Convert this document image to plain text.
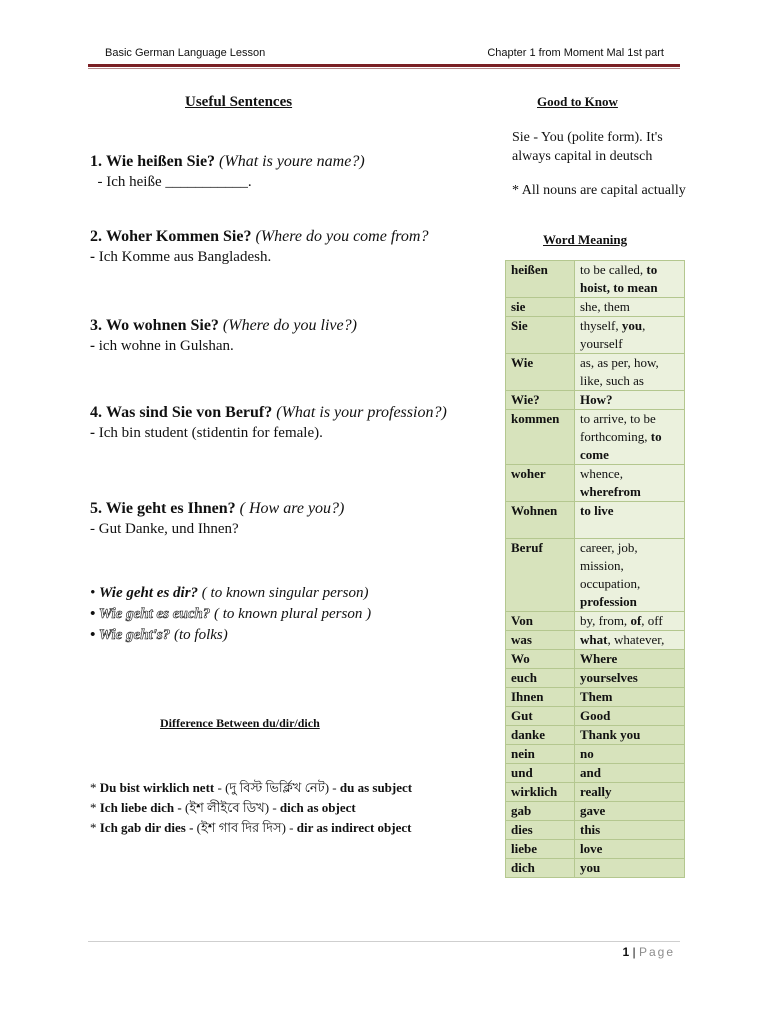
Basic German Language Lesson	Chapter 1 from Moment Mal 1st part
Useful Sentences	Good to Know
1. Wie heißen Sie? (What is youre name?)
- Ich heiße ___________.
2. Woher Kommen Sie? (Where do you come from?
- Ich Komme aus Bangladesh.
3. Wo wohnen Sie? (Where do you live?)
- ich wohne in Gulshan.
4. Was sind Sie von Beruf? (What is your profession?)
- Ich bin student (stidentin for female).
5. Wie geht es Ihnen? ( How are you?)
- Gut Danke, und Ihnen?
• Wie geht es dir? ( to known singular person)
• Wie geht es euch? ( to known plural person )
• Wie geht's? (to folks)
Difference Between du/dir/dich
* Du bist wirklich nett - (দু বিস্ট ভির্ক্লিখ নেট) - du as subject
* Ich liebe dich - (ইশ লীইবে ডিখ) - dich as object
* Ich gab dir dies - (ইশ গাব দির দিস) - dir as indirect object
Sie - You (polite form). It's always capital in deutsch
* All nouns are capital actually
Word Meaning
heißen	to be called, to hoist, to mean
sie	she, them
Sie	thyself, you, yourself
Wie	as, as per, how, like, such as
Wie?	How?
kommen	to arrive, to be forthcoming, to come
woher	whence, wherefrom
Wohnen	to live
Beruf	career, job, mission, occupation, profession
Von	by, from, of, off
was	what, whatever,
Wo	Where
euch	yourselves
Ihnen	Them
Gut	Good
danke	Thank you
nein	no
und	and
wirklich	really
gab	gave
dies	this
liebe	love
dich	you
1 | Page
